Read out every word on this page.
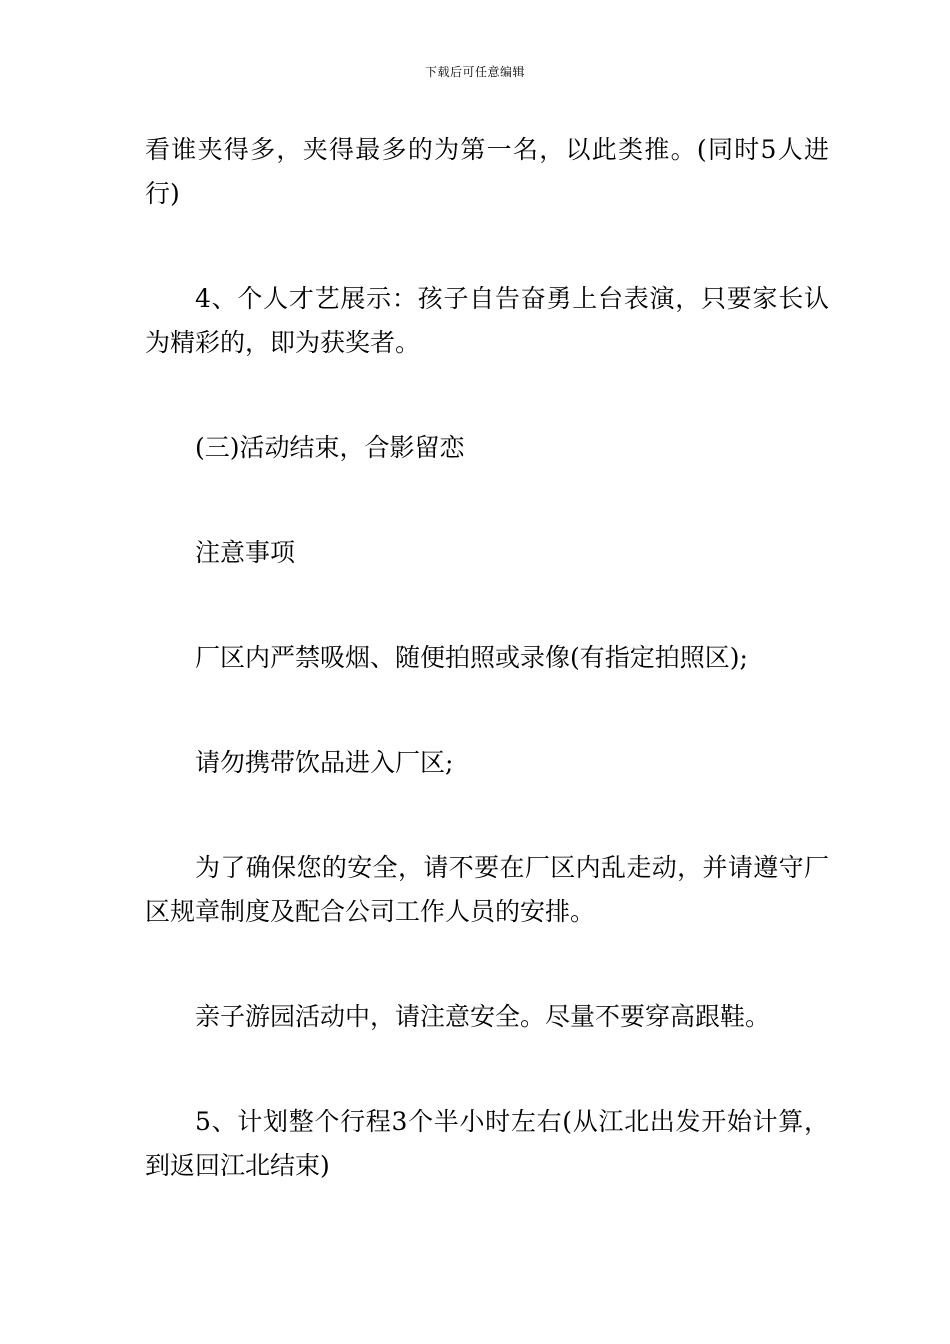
下载后可任意编辑

看谁夹得多，夹得最多的为第一名，以此类推。(同时5人进行)

4、个人才艺展示：孩子自告奋勇上台表演，只要家长认为精彩的，即为获奖者。

(三)活动结束，合影留恋

注意事项

厂区内严禁吸烟、随便拍照或录像(有指定拍照区);

请勿携带饮品进入厂区;

为了确保您的安全，请不要在厂区内乱走动，并请遵守厂区规章制度及配合公司工作人员的安排。

亲子游园活动中，请注意安全。尽量不要穿高跟鞋。

5、计划整个行程3个半小时左右(从江北出发开始计算，到返回江北结束)
